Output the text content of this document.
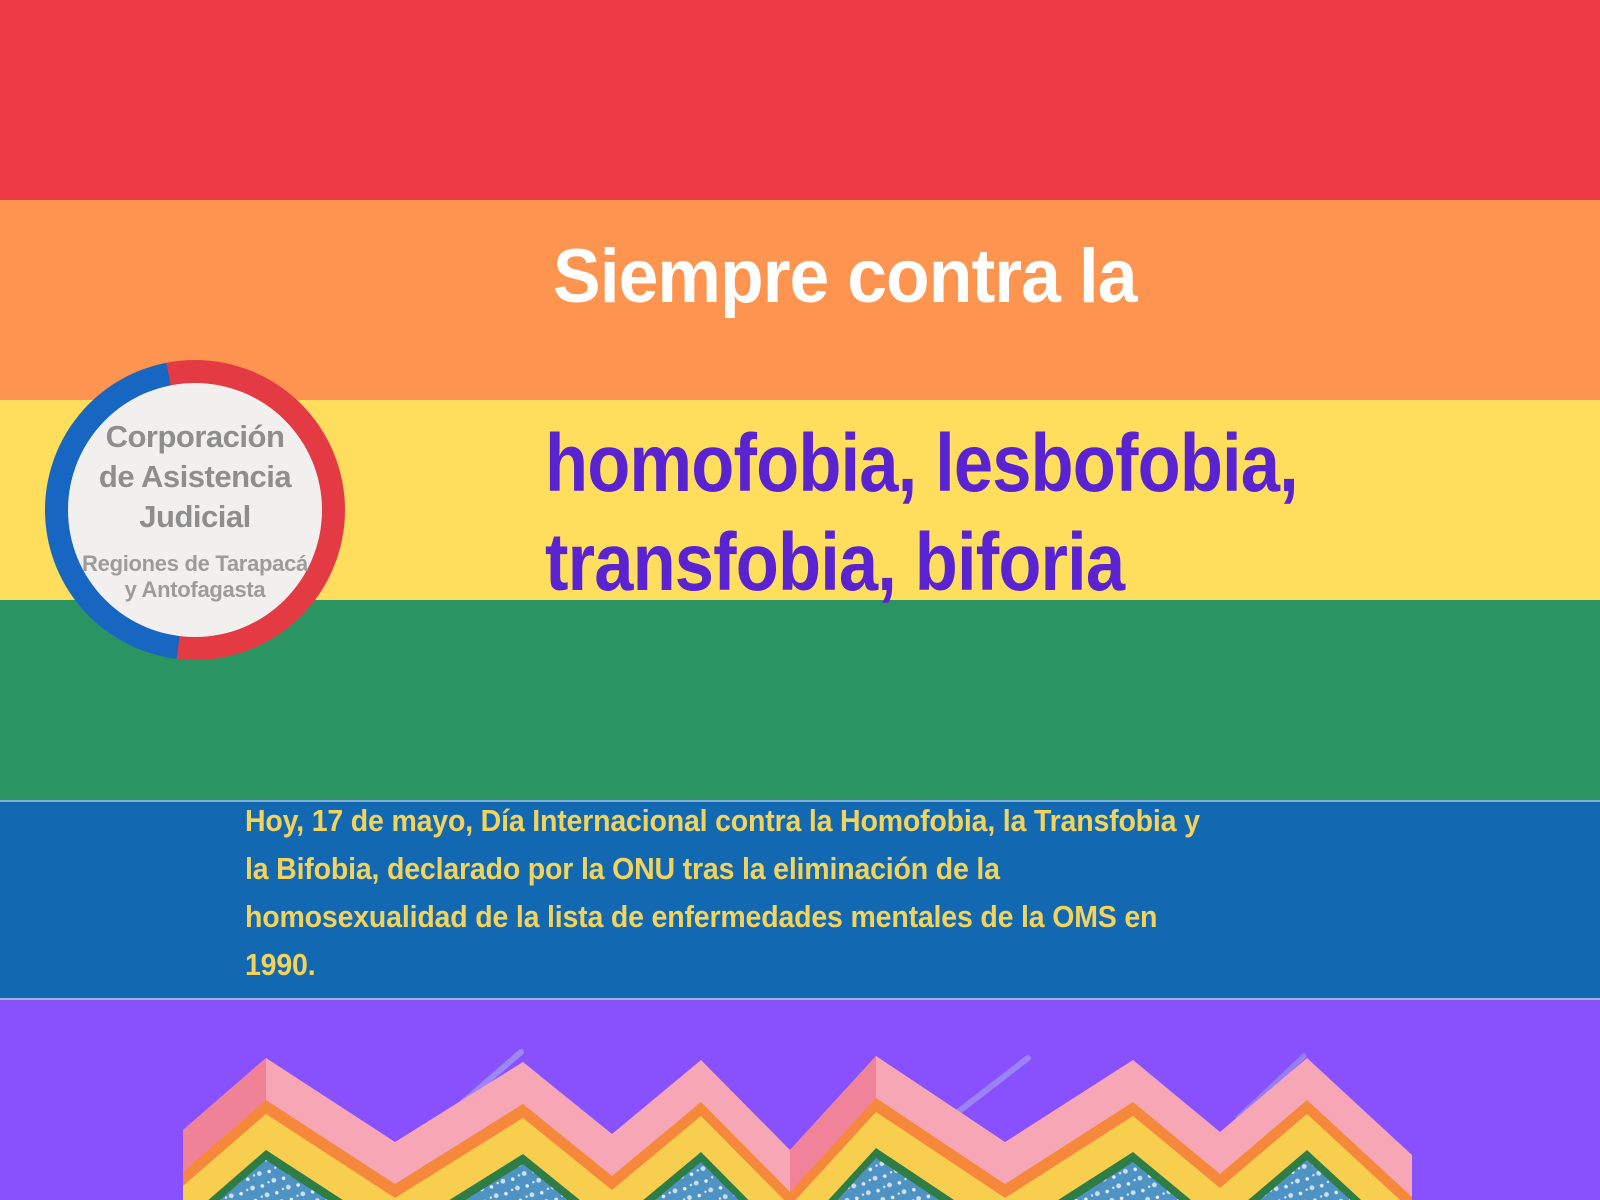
Corporación
de Asistencia
Judicial
Regiones de Tarapacá
y Antofagasta
Siempre contra la
homofobia, lesbofobia,
transfobia, biforia
Hoy, 17 de mayo, Día Internacional contra la Homofobia, la Transfobia y
la Bifobia, declarado por la ONU tras la eliminación de la
homosexualidad de la lista de enfermedades mentales de la OMS en
1990.
